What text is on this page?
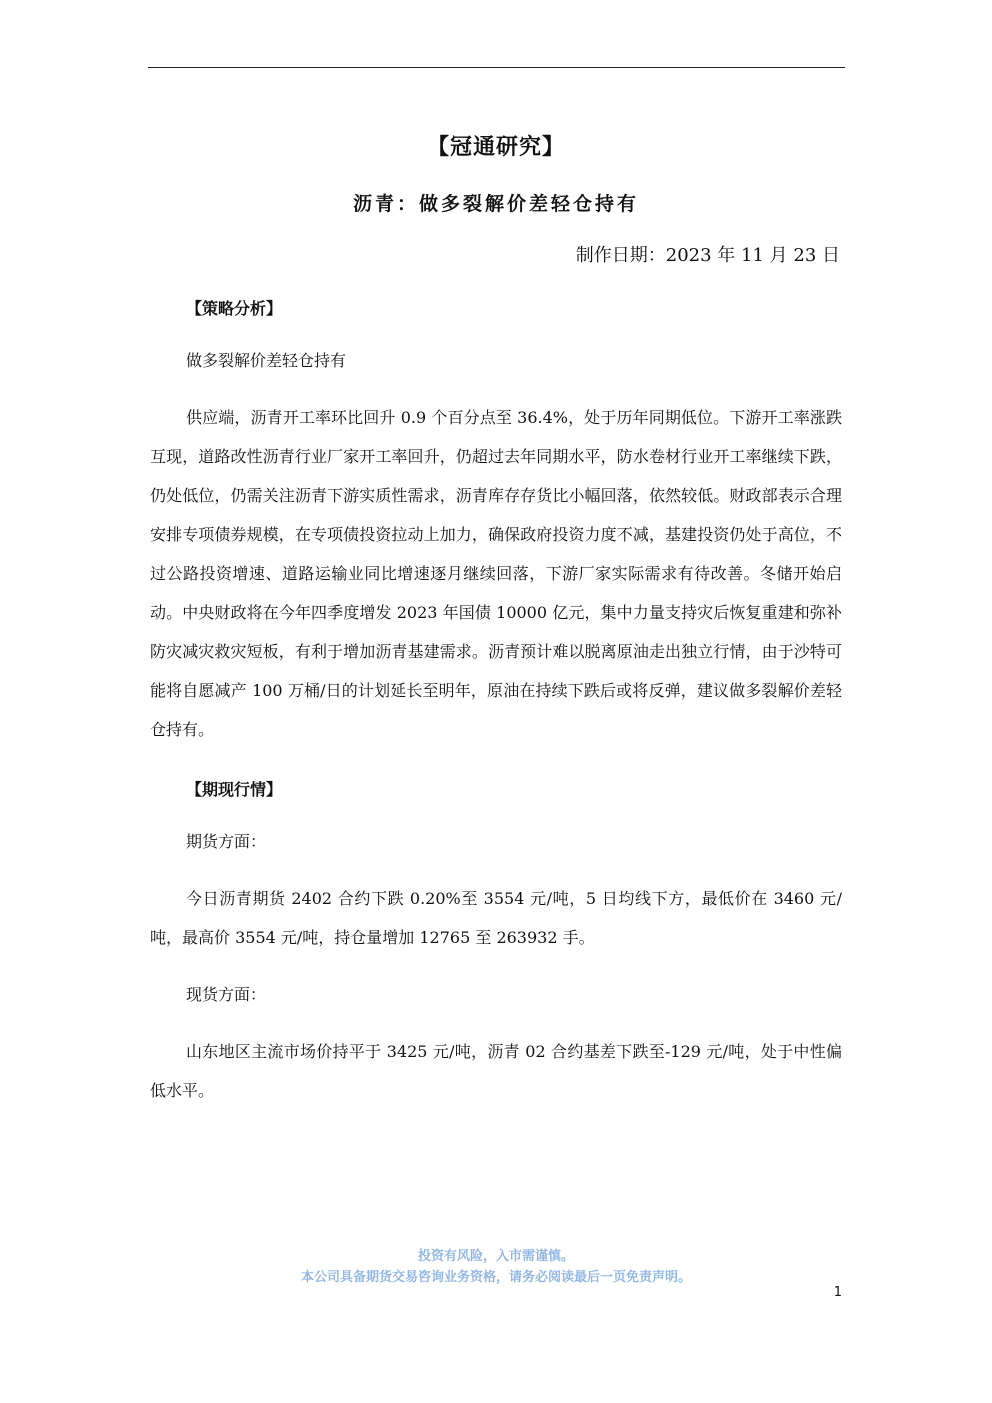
【冠通研究】
沥青：做多裂解价差轻仓持有
制作日期：2023 年 11 月 23 日
【策略分析】

做多裂解价差轻仓持有

供应端，沥青开工率环比回升 0.9 个百分点至 36.4%，处于历年同期低位。下游开工率涨跌互现，道路改性沥青行业厂家开工率回升，仍超过去年同期水平，防水卷材行业开工率继续下跌，仍处低位，仍需关注沥青下游实质性需求，沥青库存存货比小幅回落，依然较低。财政部表示合理安排专项债券规模，在专项债投资拉动上加力，确保政府投资力度不减，基建投资仍处于高位，不过公路投资增速、道路运输业同比增速逐月继续回落，下游厂家实际需求有待改善。冬储开始启动。中央财政将在今年四季度增发 2023 年国债 10000 亿元，集中力量支持灾后恢复重建和弥补防灾减灾救灾短板，有利于增加沥青基建需求。沥青预计难以脱离原油走出独立行情，由于沙特可能将自愿减产 100 万桶/日的计划延长至明年，原油在持续下跌后或将反弹，建议做多裂解价差轻仓持有。

【期现行情】

期货方面：

今日沥青期货 2402 合约下跌 0.20%至 3554 元/吨，5 日均线下方，最低价在 3460 元/吨，最高价 3554 元/吨，持仓量增加 12765 至 263932 手。

现货方面：

山东地区主流市场价持平于 3425 元/吨，沥青 02 合约基差下跌至-129 元/吨，处于中性偏低水平。

投资有风险，入市需谨慎。
本公司具备期货交易咨询业务资格，请务必阅读最后一页免责声明。
1
